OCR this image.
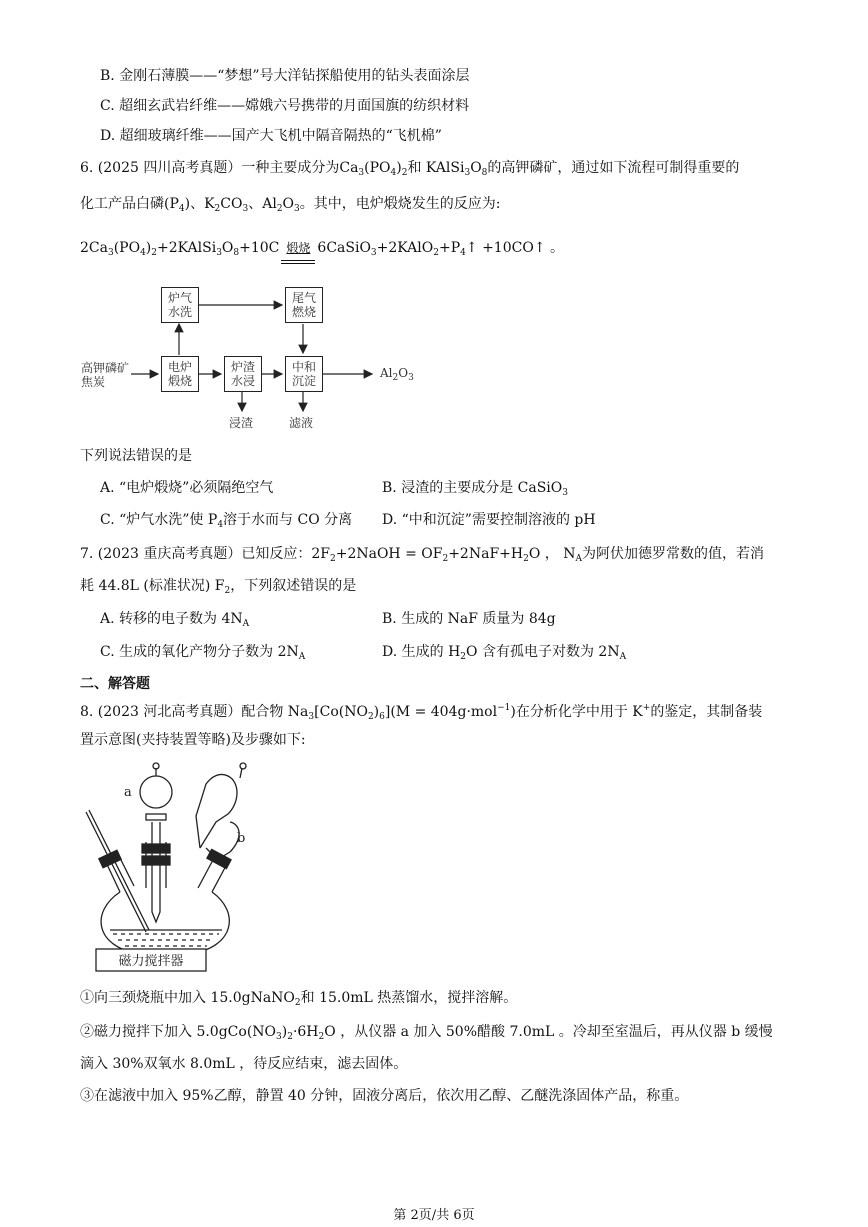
B. 金刚石薄膜——“梦想”号大洋钻探船使用的钻头表面涂层
C. 超细玄武岩纤维——嫦娥六号携带的月面国旗的纺织材料
D. 超细玻璃纤维——国产大飞机中隔音隔热的“飞机棉”
6. (2025 四川高考真题）一种主要成分为$Ca_3(PO_4)_2$和 $KAlSi_3O_8$的高钾磷矿，通过如下流程可制得重要的
化工产品白磷$(P_4)$、$K_2CO_3$、$Al_2O_3$。其中，电炉煅烧发生的反应为:
$2Ca_3(PO_4)_2+2KAlSi_3O_8+10C$ 煅烧 $6CaSiO_3+2KAlO_2+P_4↑$ +10CO↑ 。
高钾磷矿
焦炭
炉气
水洗
尾气
燃烧
电炉
煅烧
炉渣
水浸
中和
沉淀
$Al_2O_3$
浸渣	滤液
下列说法错误的是
A. “电炉煅烧”必须隔绝空气	B. 浸渣的主要成分是 CaSiO$_3$
C. “炉气水洗”使 $P_4$溶于水而与 CO 分离 D. “中和沉淀”需要控制溶液的 pH
7. (2023 重庆高考真题）已知反应：$2F_2+2NaOH = OF_2+2NaF+H_2O$ ， $N_A$为阿伏加德罗常数的值，若消
耗 44.8L (标准状况) $F_2$，下列叙述错误的是
A. 转移的电子数为 $4N_A$	B. 生成的 NaF 质量为 84g
C. 生成的氧化产物分子数为 $2N_A$	D. 生成的 $H_2O$ 含有孤电子对数为 $2N_A$
二、解答题
8. (2023 河北高考真题）配合物 $Na_3[Co(NO_2)_6](M = 404g\cdot mol^{-1})$在分析化学中用于 K+的鉴定，其制备装
置示意图(夹持装置等略)及步骤如下:
a
b
磁力搅拌器
①向三颈烧瓶中加入 15.0gNaNO$_2$和 15.0mL 热蒸馏水，搅拌溶解。
②磁力搅拌下加入 $5.0gCo(NO_3)_2\cdot 6H_2O$ ，从仪器 a 加入 50%醋酸 7.0mL 。冷却至室温后，再从仪器 b 缓慢
滴入 30%双氧水 8.0mL ，待反应结束，滤去固体。
③在滤液中加入 95%乙醇，静置 40 分钟，固液分离后，依次用乙醇、乙醚洗涤固体产品，称重。
第 2页/共 6页
